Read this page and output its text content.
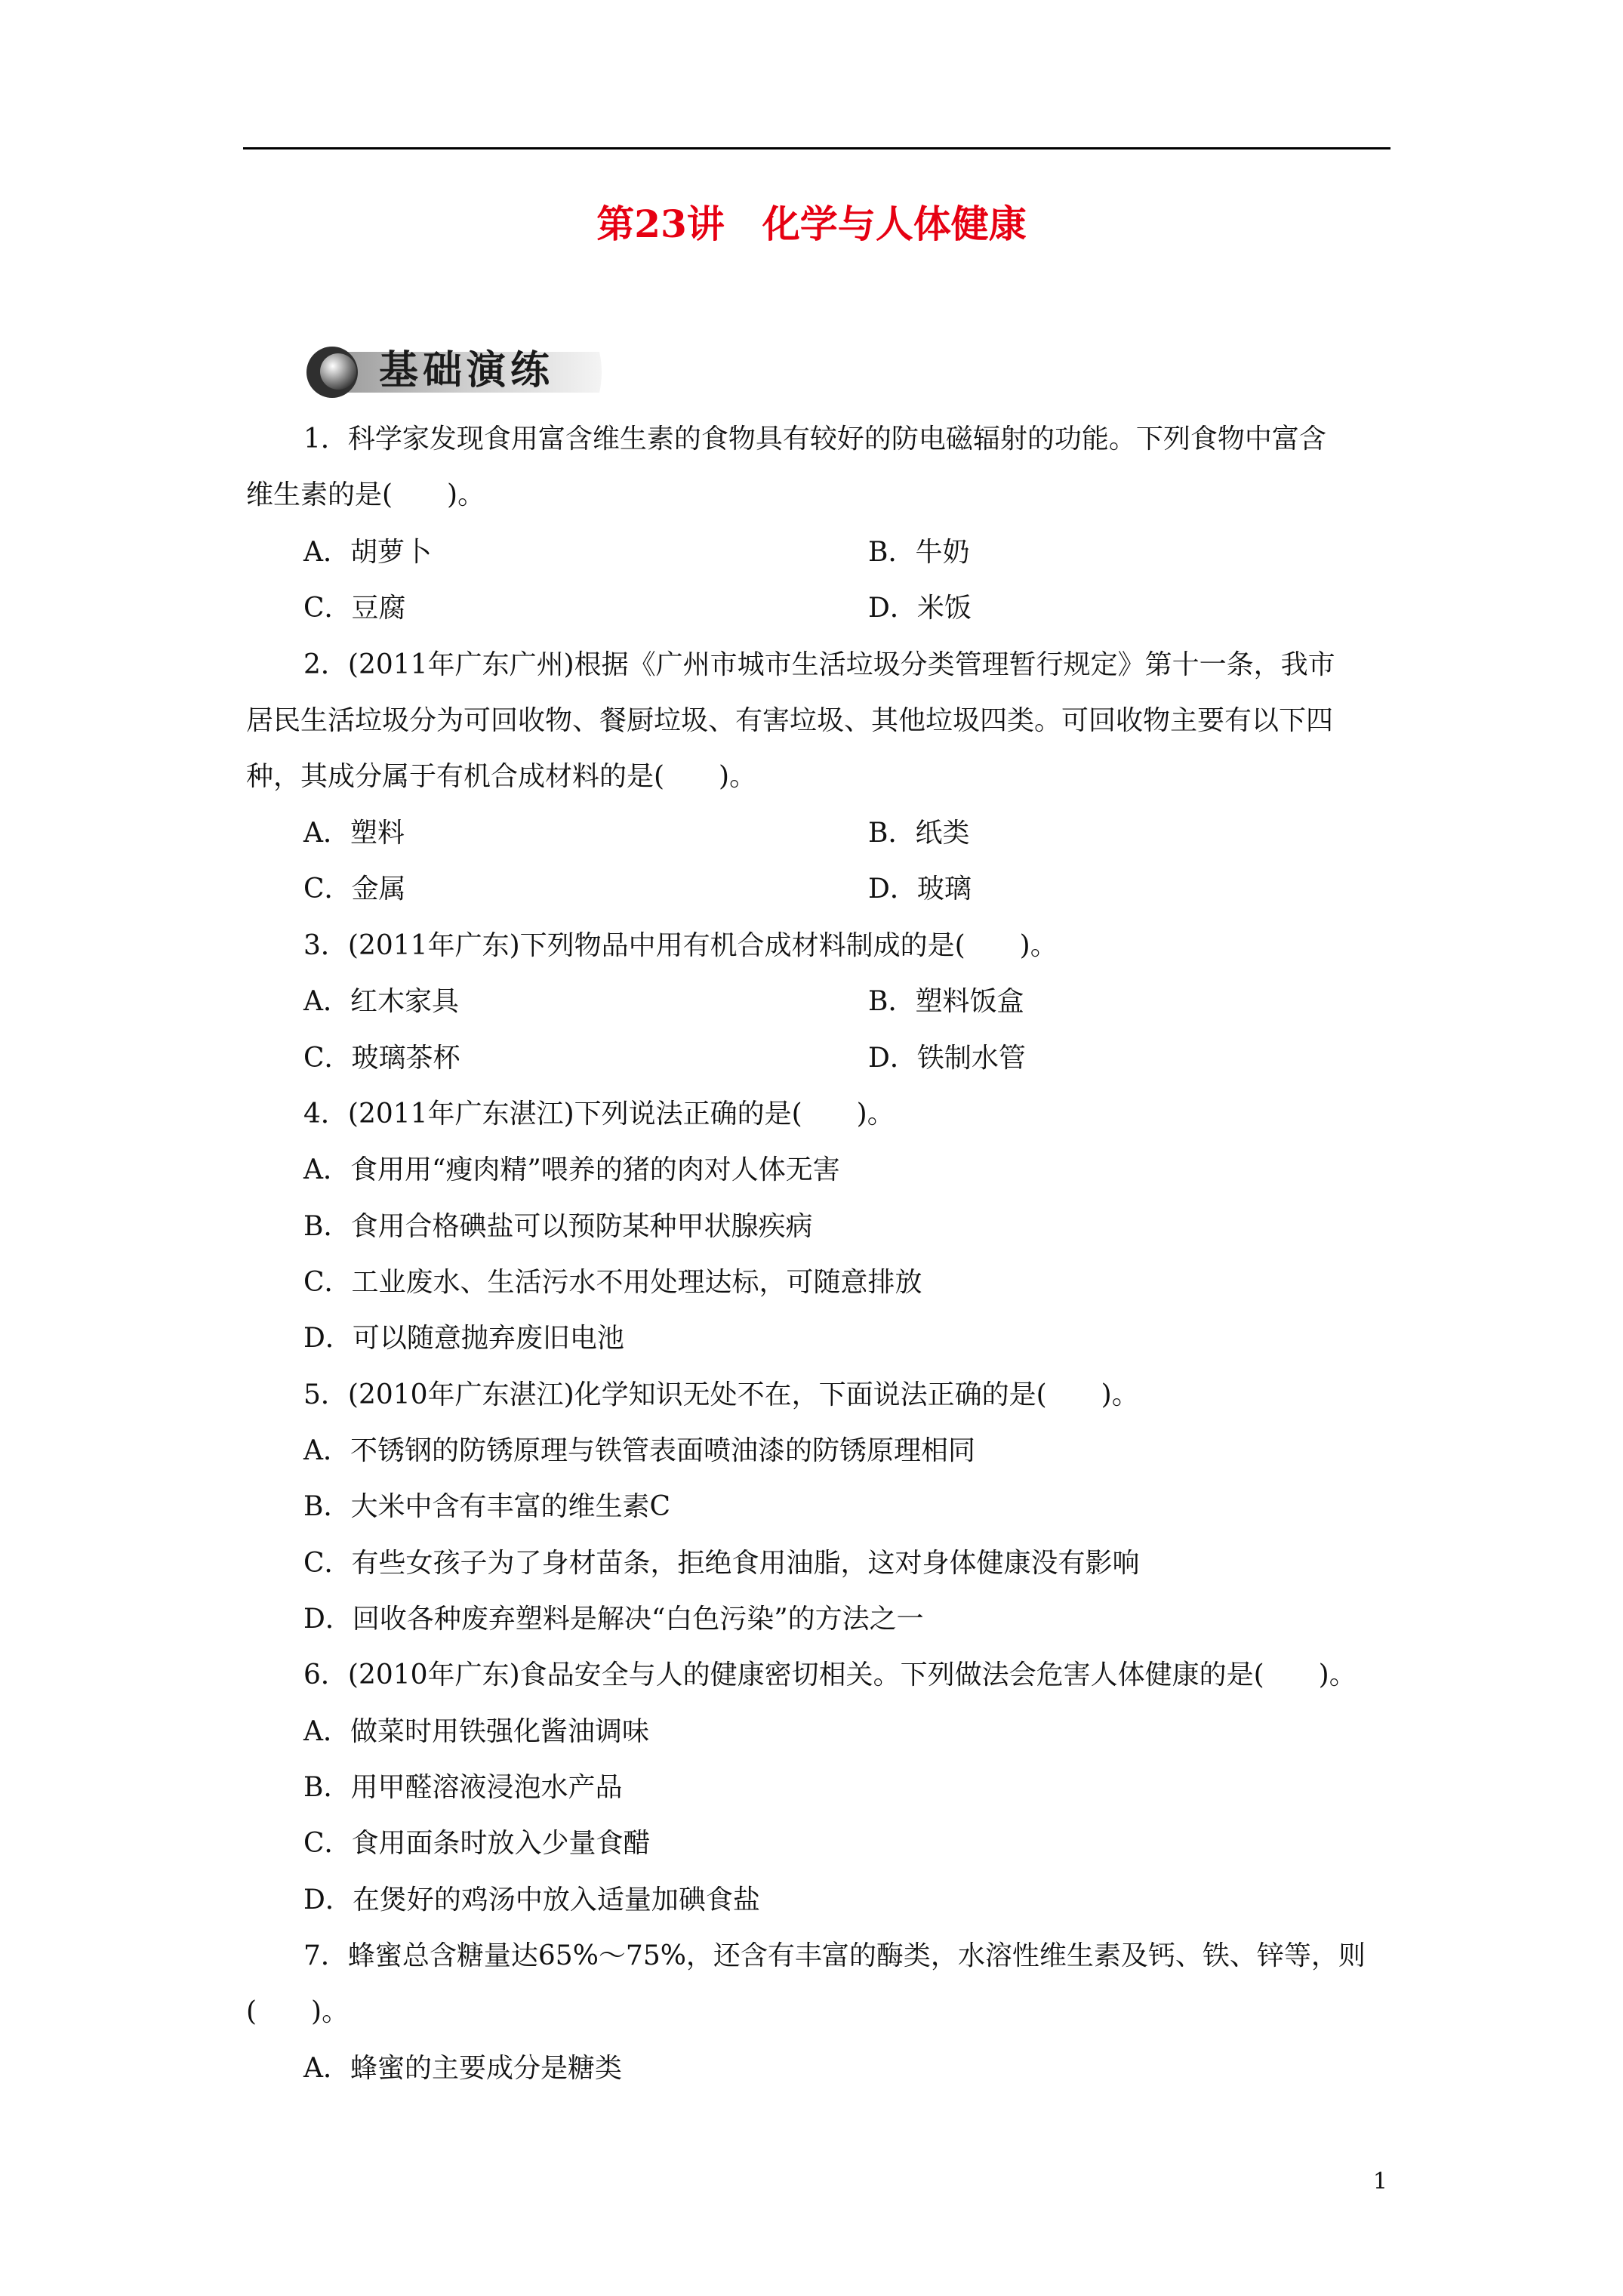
第23讲　化学与人体健康
基础演练
1．科学家发现食用富含维生素的食物具有较好的防电磁辐射的功能。下列食物中富含
维生素的是(　　)。
A．胡萝卜	B．牛奶
C．豆腐	D．米饭
2．(2011年广东广州)根据《广州市城市生活垃圾分类管理暂行规定》第十一条，我市
居民生活垃圾分为可回收物、餐厨垃圾、有害垃圾、其他垃圾四类。可回收物主要有以下四
种，其成分属于有机合成材料的是(　　)。
A．塑料	B．纸类
C．金属	D．玻璃
3．(2011年广东)下列物品中用有机合成材料制成的是(　　)。
A．红木家具	B．塑料饭盒
C．玻璃茶杯	D．铁制水管
4．(2011年广东湛江)下列说法正确的是(　　)。
A．食用用“瘦肉精”喂养的猪的肉对人体无害
B．食用合格碘盐可以预防某种甲状腺疾病
C．工业废水、生活污水不用处理达标，可随意排放
D．可以随意抛弃废旧电池
5．(2010年广东湛江)化学知识无处不在，下面说法正确的是(　　)。
A．不锈钢的防锈原理与铁管表面喷油漆的防锈原理相同
B．大米中含有丰富的维生素C
C．有些女孩子为了身材苗条，拒绝食用油脂，这对身体健康没有影响
D．回收各种废弃塑料是解决“白色污染”的方法之一
6．(2010年广东)食品安全与人的健康密切相关。下列做法会危害人体健康的是(　　)。
A．做菜时用铁强化酱油调味
B．用甲醛溶液浸泡水产品
C．食用面条时放入少量食醋
D．在煲好的鸡汤中放入适量加碘食盐
7．蜂蜜总含糖量达65%～75%，还含有丰富的酶类，水溶性维生素及钙、铁、锌等，则
(　　)。
A．蜂蜜的主要成分是糖类
1
